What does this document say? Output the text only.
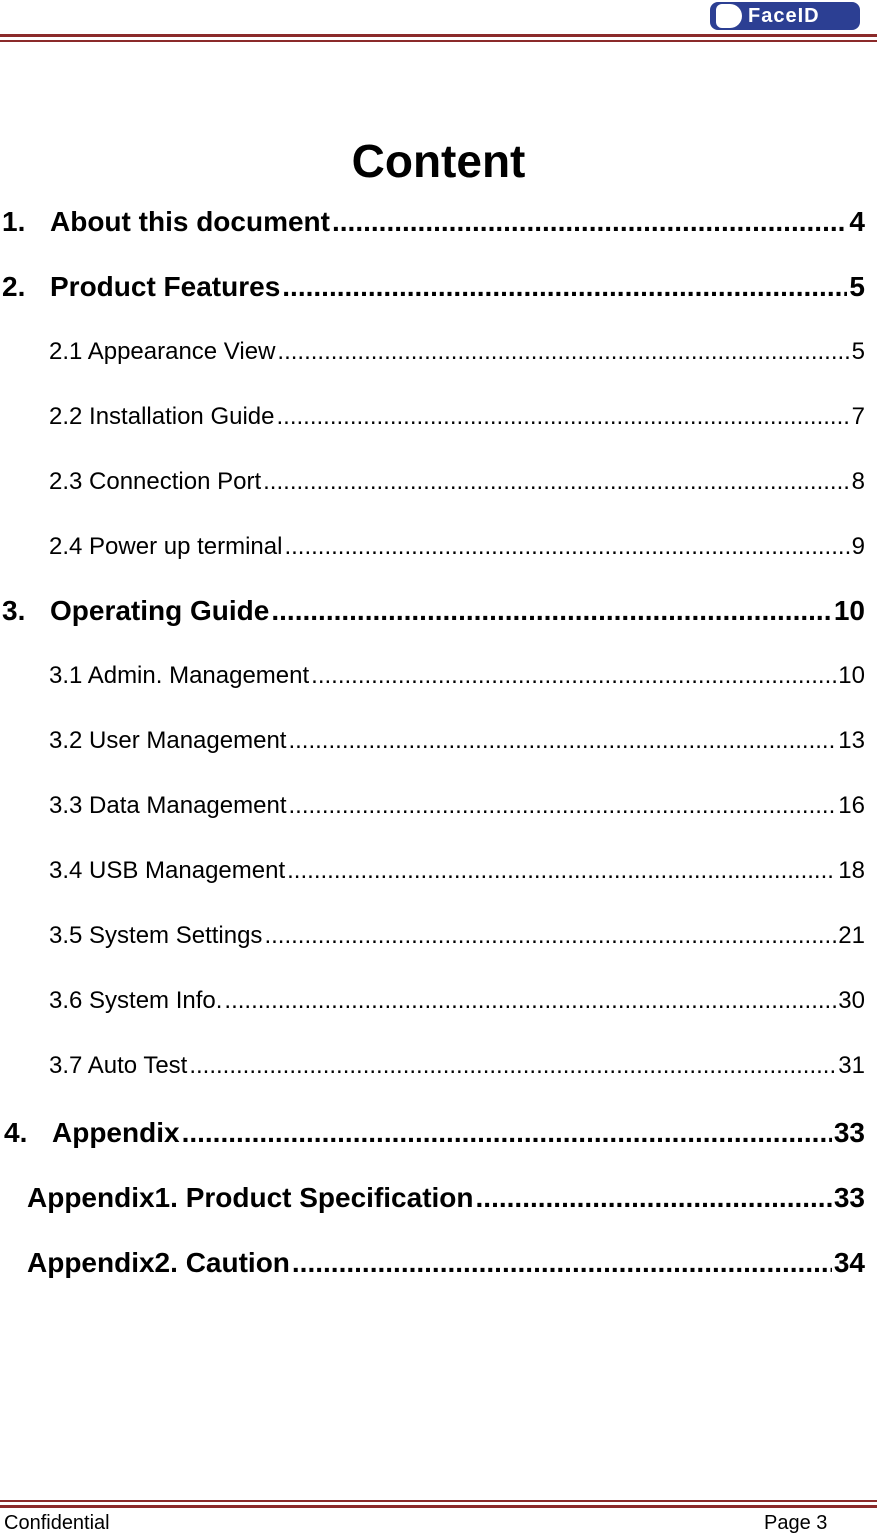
FaceID
Content
1. About this document .....	4
2. Product Features .....	5
2.1 Appearance View .....	5
2.2 Installation Guide .....	7
2.3 Connection Port .....	8
2.4 Power up terminal .....	9
3. Operating Guide .....	10
3.1 Admin. Management .....	10
3.2 User Management .....	13
3.3 Data Management .....	16
3.4 USB Management .....	18
3.5 System Settings .....	21
3.6 System Info. .....	30
3.7 Auto Test .....	31
4. Appendix .....	33
Appendix1. Product Specification .....	33
Appendix2. Caution .....	34
Confidential	Page 3
